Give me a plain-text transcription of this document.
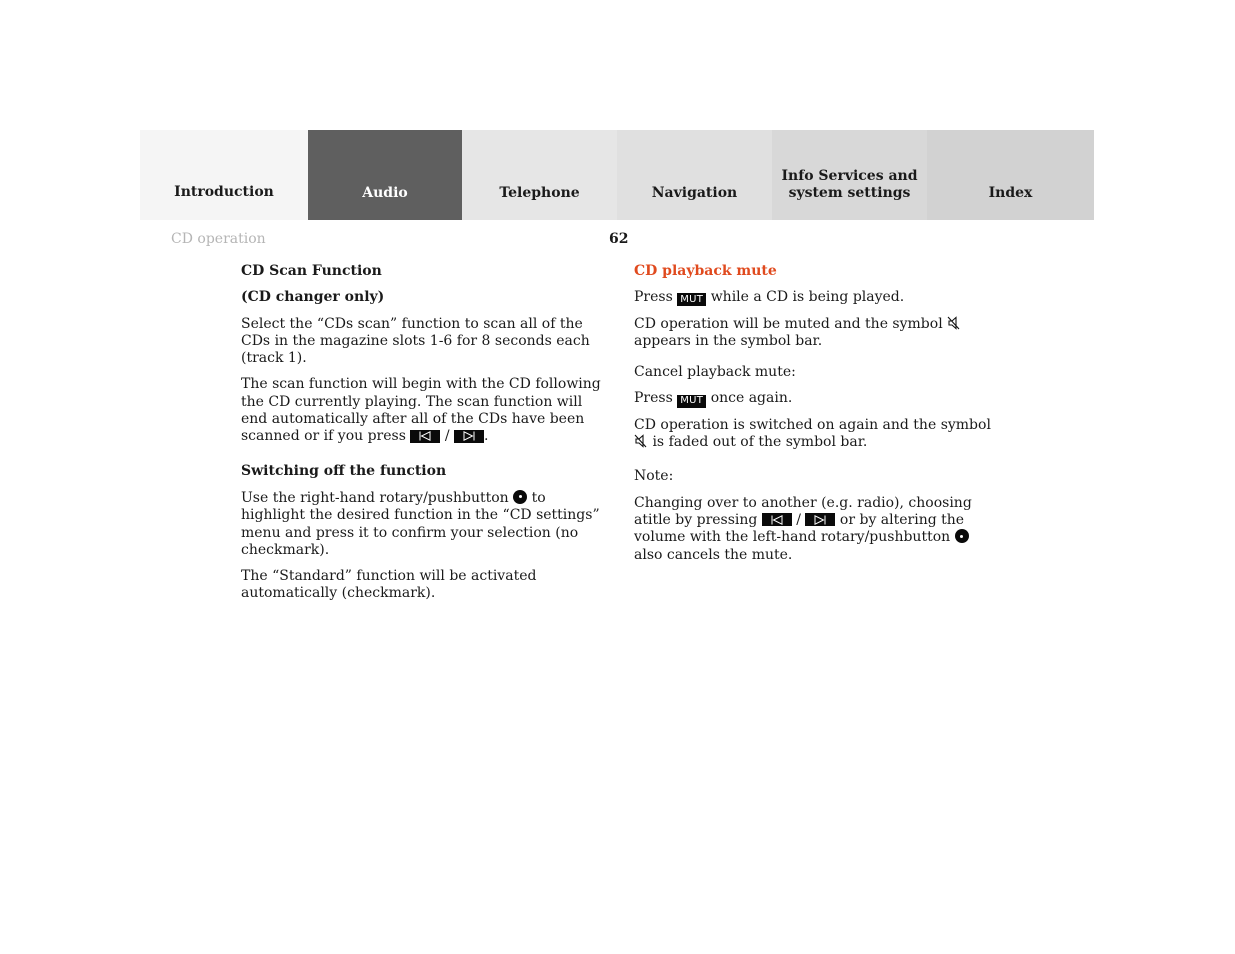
Introduction	Audio	Telephone	Navigation
Info Services and
system settings	Index
CD operation	62

CD Scan Function

(CD changer only)

Select the “CDs scan” function to scan all of the CDs in the magazine slots 1-6 for 8 seconds each (track 1).

The scan function will begin with the CD following the CD currently playing. The scan function will end automatically after all of the CDs have been scanned or if you press	/ .

Switching off the function

Use the right-hand rotary/pushbutton to highlight the desired function in the “CD settings” menu and press it to confirm your selection (no checkmark).

The “Standard” function will be activated automatically (checkmark).

CD playback mute

Press MUT while a CD is being played.

CD operation will be muted and the symbol  appears in the symbol bar.

Cancel playback mute:

Press MUT once again.

CD operation is switched on again and the symbol  is faded out of the symbol bar.

Note:

Changing over to another (e.g. radio), choosing atitle by pressing	/	or by altering the volume with the left-hand rotary/pushbutton  also cancels the mute.
